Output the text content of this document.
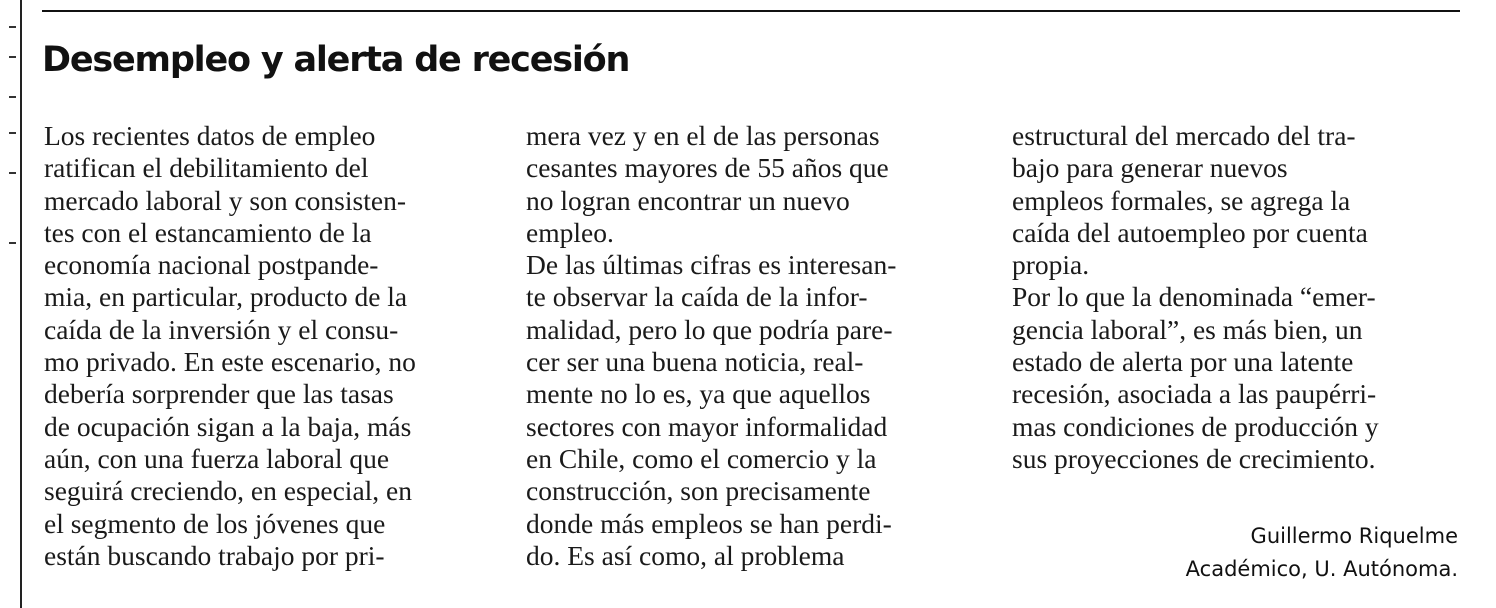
Desempleo y alerta de recesión
Los recientes datos de empleo
ratifican el debilitamiento del
mercado laboral y son consisten-
tes con el estancamiento de la
economía nacional postpande-
mia, en particular, producto de la
caída de la inversión y el consu-
mo privado. En este escenario, no
debería sorprender que las tasas
de ocupación sigan a la baja, más
aún, con una fuerza laboral que
seguirá creciendo, en especial, en
el segmento de los jóvenes que
están buscando trabajo por pri-
mera vez y en el de las personas
cesantes mayores de 55 años que
no logran encontrar un nuevo
empleo.
De las últimas cifras es interesan-
te observar la caída de la infor-
malidad, pero lo que podría pare-
cer ser una buena noticia, real-
mente no lo es, ya que aquellos
sectores con mayor informalidad
en Chile, como el comercio y la
construcción, son precisamente
donde más empleos se han perdi-
do. Es así como, al problema
estructural del mercado del tra-
bajo para generar nuevos
empleos formales, se agrega la
caída del autoempleo por cuenta
propia.
Por lo que la denominada “emer-
gencia laboral”, es más bien, un
estado de alerta por una latente
recesión, asociada a las paupérri-
mas condiciones de producción y
sus proyecciones de crecimiento.
Guillermo Riquelme
Académico, U. Autónoma.
